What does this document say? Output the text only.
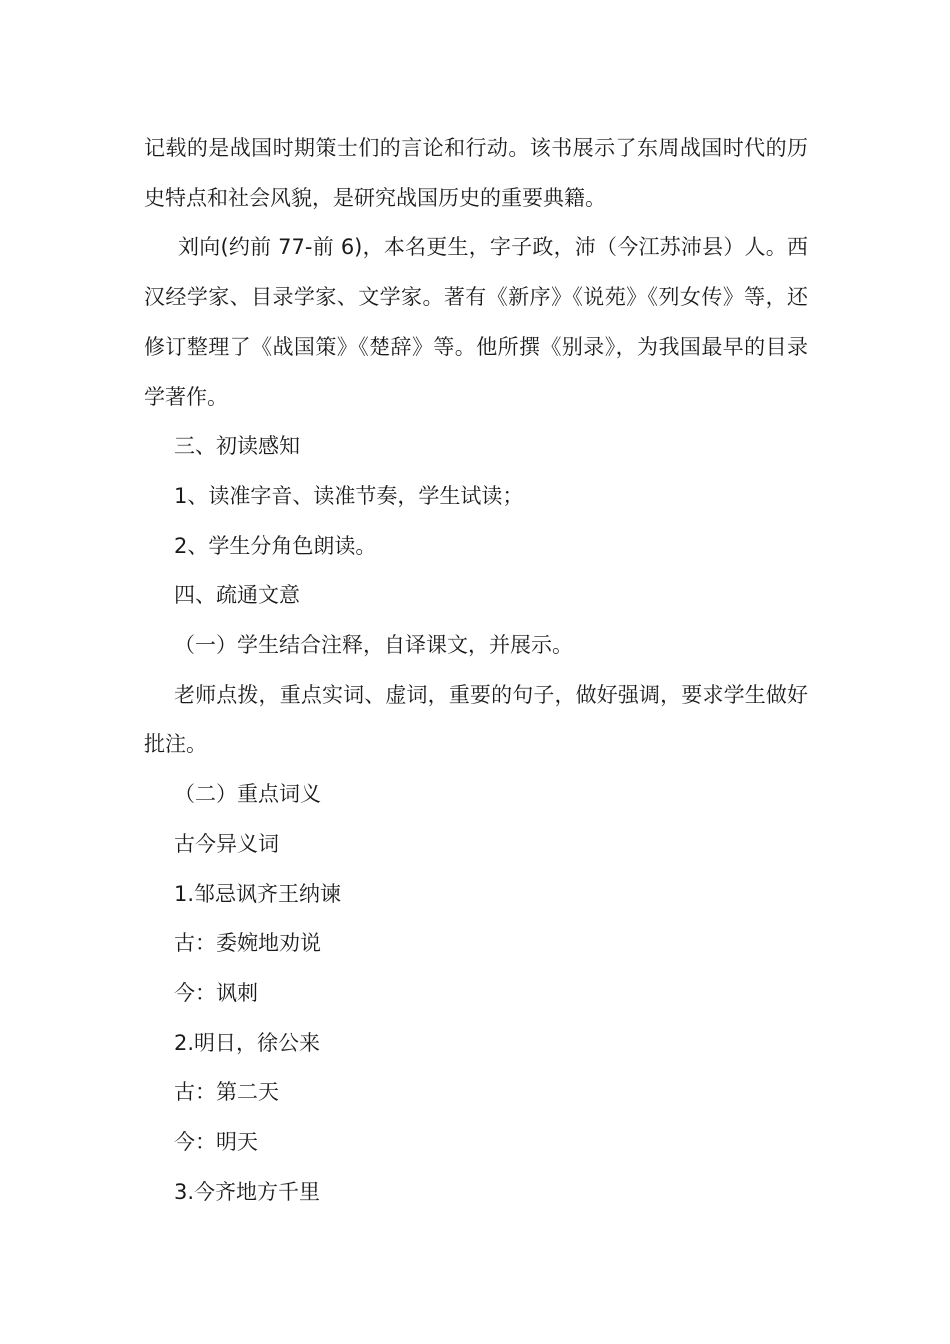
记载的是战国时期策士们的言论和行动。该书展示了东周战国时代的历史特点和社会风貌，是研究战国历史的重要典籍。

刘向(约前 77-前 6)，本名更生，字子政，沛（今江苏沛县）人。西汉经学家、目录学家、文学家。著有《新序》《说苑》《列女传》等，还修订整理了《战国策》《楚辞》等。他所撰《别录》，为我国最早的目录学著作。

三、初读感知

1、读准字音、读准节奏，学生试读；

2、学生分角色朗读。

四、疏通文意

（一）学生结合注释，自译课文，并展示。

老师点拨，重点实词、虚词，重要的句子，做好强调，要求学生做好批注。

（二）重点词义

古今异义词

1.邹忌讽齐王纳谏

古：委婉地劝说

今：讽刺

2.明日，徐公来

古：第二天

今：明天

3.今齐地方千里
